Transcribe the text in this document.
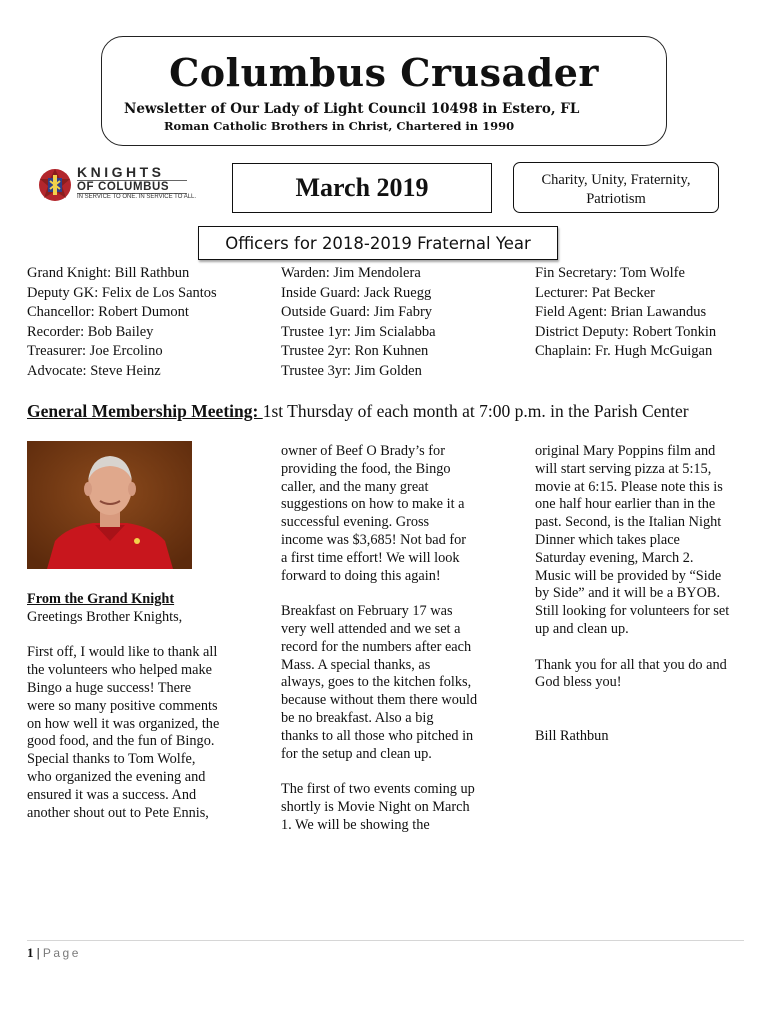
Columbus Crusader
Newsletter of Our Lady of Light Council 10498 in Estero, FL
Roman Catholic Brothers in Christ, Chartered in 1990
KNIGHTS
OF COLUMBUS
IN SERVICE TO ONE. IN SERVICE TO ALL.	March 2019	Charity, Unity, Fraternity,
Patriotism
Officers for 2018-2019 Fraternal Year
Grand Knight: Bill Rathbun
Deputy GK: Felix de Los Santos
Chancellor: Robert Dumont
Recorder: Bob Bailey
Treasurer: Joe Ercolino
Advocate: Steve Heinz
Warden: Jim Mendolera
Inside Guard: Jack Ruegg
Outside Guard: Jim Fabry
Trustee 1yr: Jim Scialabba
Trustee 2yr: Ron Kuhnen
Trustee 3yr: Jim Golden
Fin Secretary: Tom Wolfe
Lecturer: Pat Becker
Field Agent: Brian Lawandus
District Deputy: Robert Tonkin
Chaplain: Fr. Hugh McGuigan
General Membership Meeting: 1st Thursday of each month at 7:00 p.m. in the Parish Center

From the Grand Knight

Greetings Brother Knights,

First off, I would like to thank all

the volunteers who helped make

Bingo a huge success! There

were so many positive comments

on how well it was organized, the

good food, and the fun of Bingo.

Special thanks to Tom Wolfe,

who organized the evening and

ensured it was a success. And

another shout out to Pete Ennis,

owner of Beef O Brady’s for

providing the food, the Bingo

caller, and the many great

suggestions on how to make it a

successful evening. Gross

income was $3,685! Not bad for

a first time effort! We will look

forward to doing this again!

Breakfast on February 17 was

very well attended and we set a

record for the numbers after each

Mass. A special thanks, as

always, goes to the kitchen folks,

because without them there would

be no breakfast. Also a big

thanks to all those who pitched in

for the setup and clean up.

The first of two events coming up

shortly is Movie Night on March

1. We will be showing the

original Mary Poppins film and

will start serving pizza at 5:15,

movie at 6:15. Please note this is

one half hour earlier than in the

past. Second, is the Italian Night

Dinner which takes place

Saturday evening, March 2.

Music will be provided by “Side

by Side” and it will be a BYOB.

Still looking for volunteers for set

up and clean up.

Thank you for all that you do and

God bless you!

Bill Rathbun

1 | Page
